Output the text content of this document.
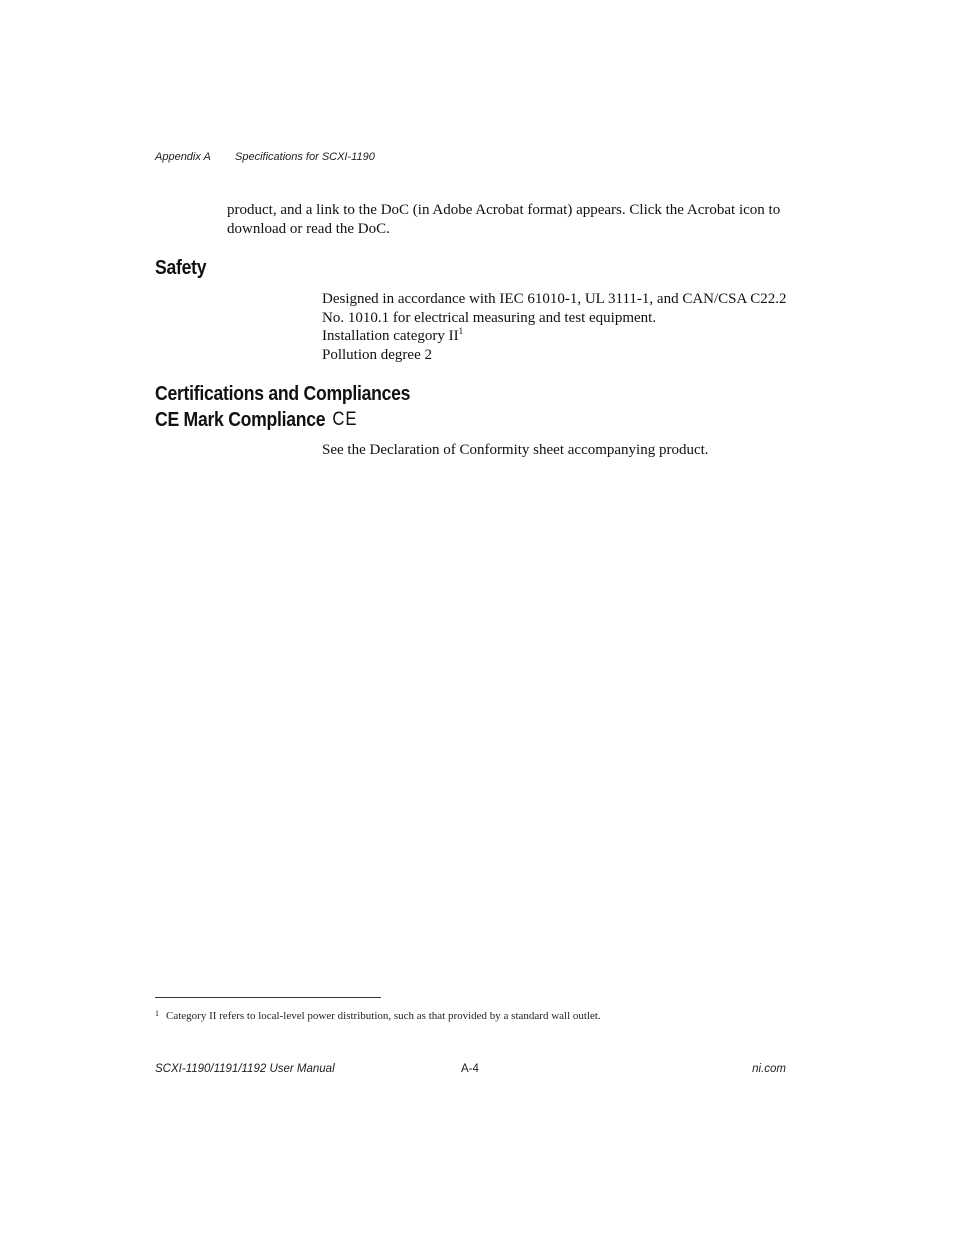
Appendix A Specifications for SCXI-1190

product, and a link to the DoC (in Adobe Acrobat format) appears. Click the Acrobat icon to download or read the DoC.

Safety

Designed in accordance with IEC 61010-1, UL 3111-1, and CAN/CSA C22.2 No. 1010.1 for electrical measuring and test equipment.

Installation category II$^1$

Pollution degree 2

Certifications and Compliances
CE Mark Compliance CE

See the Declaration of Conformity sheet accompanying product.

$^1$ Category II refers to local-level power distribution, such as that provided by a standard wall outlet.
SCXI-1190/1191/1192 User Manual	A-4	ni.com
